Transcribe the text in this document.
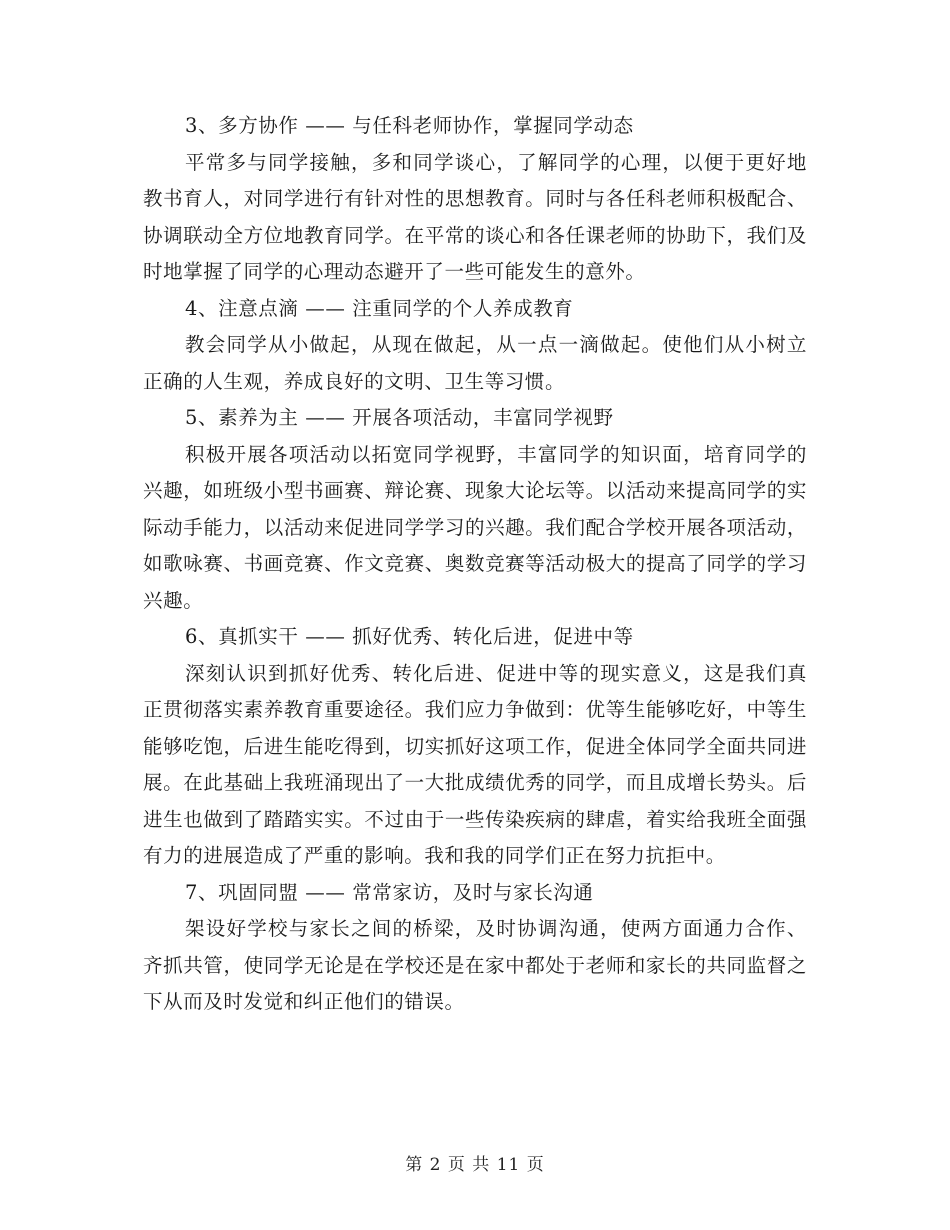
3、多方协作 —— 与任科老师协作，掌握同学动态

平常多与同学接触，多和同学谈心，了解同学的心理，以便于更好地教书育人，对同学进行有针对性的思想教育。同时与各任科老师积极配合、协调联动全方位地教育同学。在平常的谈心和各任课老师的协助下，我们及时地掌握了同学的心理动态避开了一些可能发生的意外。

4、注意点滴 —— 注重同学的个人养成教育

教会同学从小做起，从现在做起，从一点一滴做起。使他们从小树立正确的人生观，养成良好的文明、卫生等习惯。

5、素养为主 —— 开展各项活动，丰富同学视野

积极开展各项活动以拓宽同学视野，丰富同学的知识面，培育同学的兴趣，如班级小型书画赛、辩论赛、现象大论坛等。以活动来提高同学的实际动手能力，以活动来促进同学学习的兴趣。我们配合学校开展各项活动，如歌咏赛、书画竞赛、作文竞赛、奥数竞赛等活动极大的提高了同学的学习兴趣。

6、真抓实干 —— 抓好优秀、转化后进，促进中等

深刻认识到抓好优秀、转化后进、促进中等的现实意义，这是我们真正贯彻落实素养教育重要途径。我们应力争做到：优等生能够吃好，中等生能够吃饱，后进生能吃得到，切实抓好这项工作，促进全体同学全面共同进展。在此基础上我班涌现出了一大批成绩优秀的同学，而且成增长势头。后进生也做到了踏踏实实。不过由于一些传染疾病的肆虐，着实给我班全面强有力的进展造成了严重的影响。我和我的同学们正在努力抗拒中。

7、巩固同盟 —— 常常家访，及时与家长沟通

架设好学校与家长之间的桥梁，及时协调沟通，使两方面通力合作、齐抓共管，使同学无论是在学校还是在家中都处于老师和家长的共同监督之下从而及时发觉和纠正他们的错误。

第 2 页 共 11 页
